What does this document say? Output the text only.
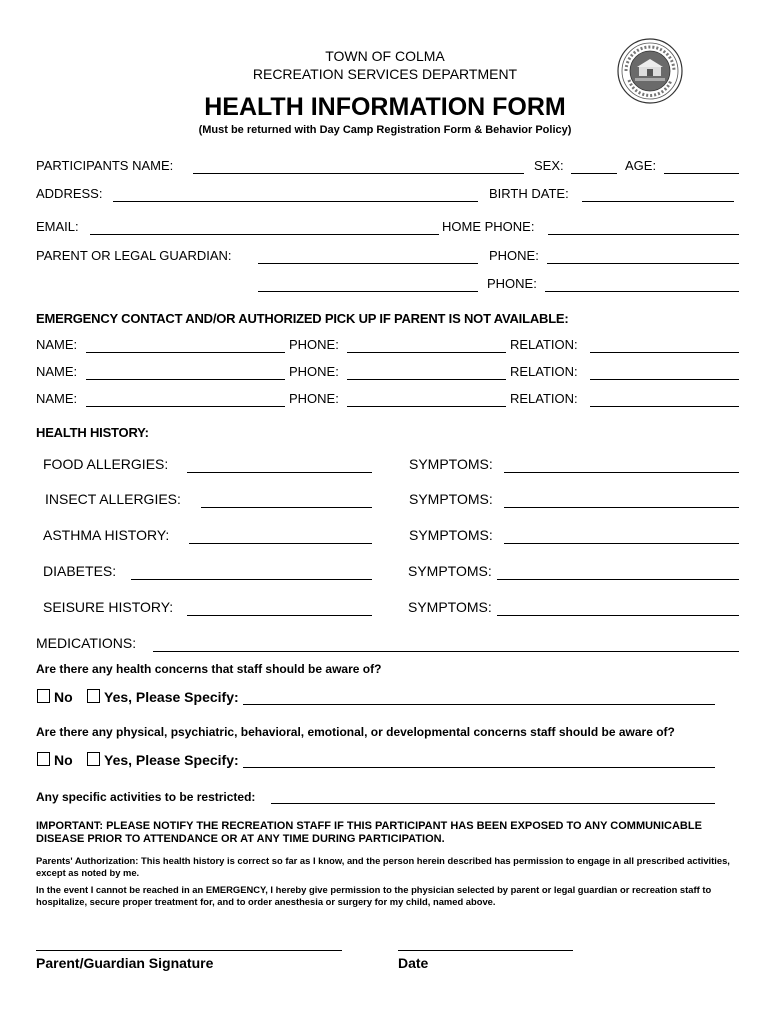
TOWN OF COLMA
RECREATION SERVICES DEPARTMENT
HEALTH INFORMATION FORM
(Must be returned with Day Camp Registration Form & Behavior Policy)
PARTICIPANTS NAME:	SEX:	AGE:
ADDRESS:	BIRTH DATE:
EMAIL:	HOME PHONE:
PARENT OR LEGAL GUARDIAN:	PHONE:
PHONE:
EMERGENCY CONTACT AND/OR AUTHORIZED PICK UP IF PARENT IS NOT AVAILABLE:
NAME:	PHONE:	RELATION:
NAME:	PHONE:	RELATION:
NAME:	PHONE:	RELATION:
HEALTH HISTORY:
FOOD ALLERGIES:	SYMPTOMS:
INSECT ALLERGIES:	SYMPTOMS:
ASTHMA HISTORY:	SYMPTOMS:
DIABETES:	SYMPTOMS:
SEISURE HISTORY:	SYMPTOMS:
MEDICATIONS:
Are there any health concerns that staff should be aware of?
No Yes, Please Specify:
Are there any physical, psychiatric, behavioral, emotional, or developmental concerns staff should be aware of?
No Yes, Please Specify:
Any specific activities to be restricted:
IMPORTANT: PLEASE NOTIFY THE RECREATION STAFF IF THIS PARTICIPANT HAS BEEN EXPOSED TO ANY COMMUNICABLE DISEASE PRIOR TO ATTENDANCE OR AT ANY TIME DURING PARTICIPATION.
Parents' Authorization: This health history is correct so far as I know, and the person herein described has permission to engage in all prescribed activities, except as noted by me.
In the event I cannot be reached in an EMERGENCY, I hereby give permission to the physician selected by parent or legal guardian or recreation staff to hospitalize, secure proper treatment for, and to order anesthesia or surgery for my child, named above.
Parent/Guardian Signature	Date
